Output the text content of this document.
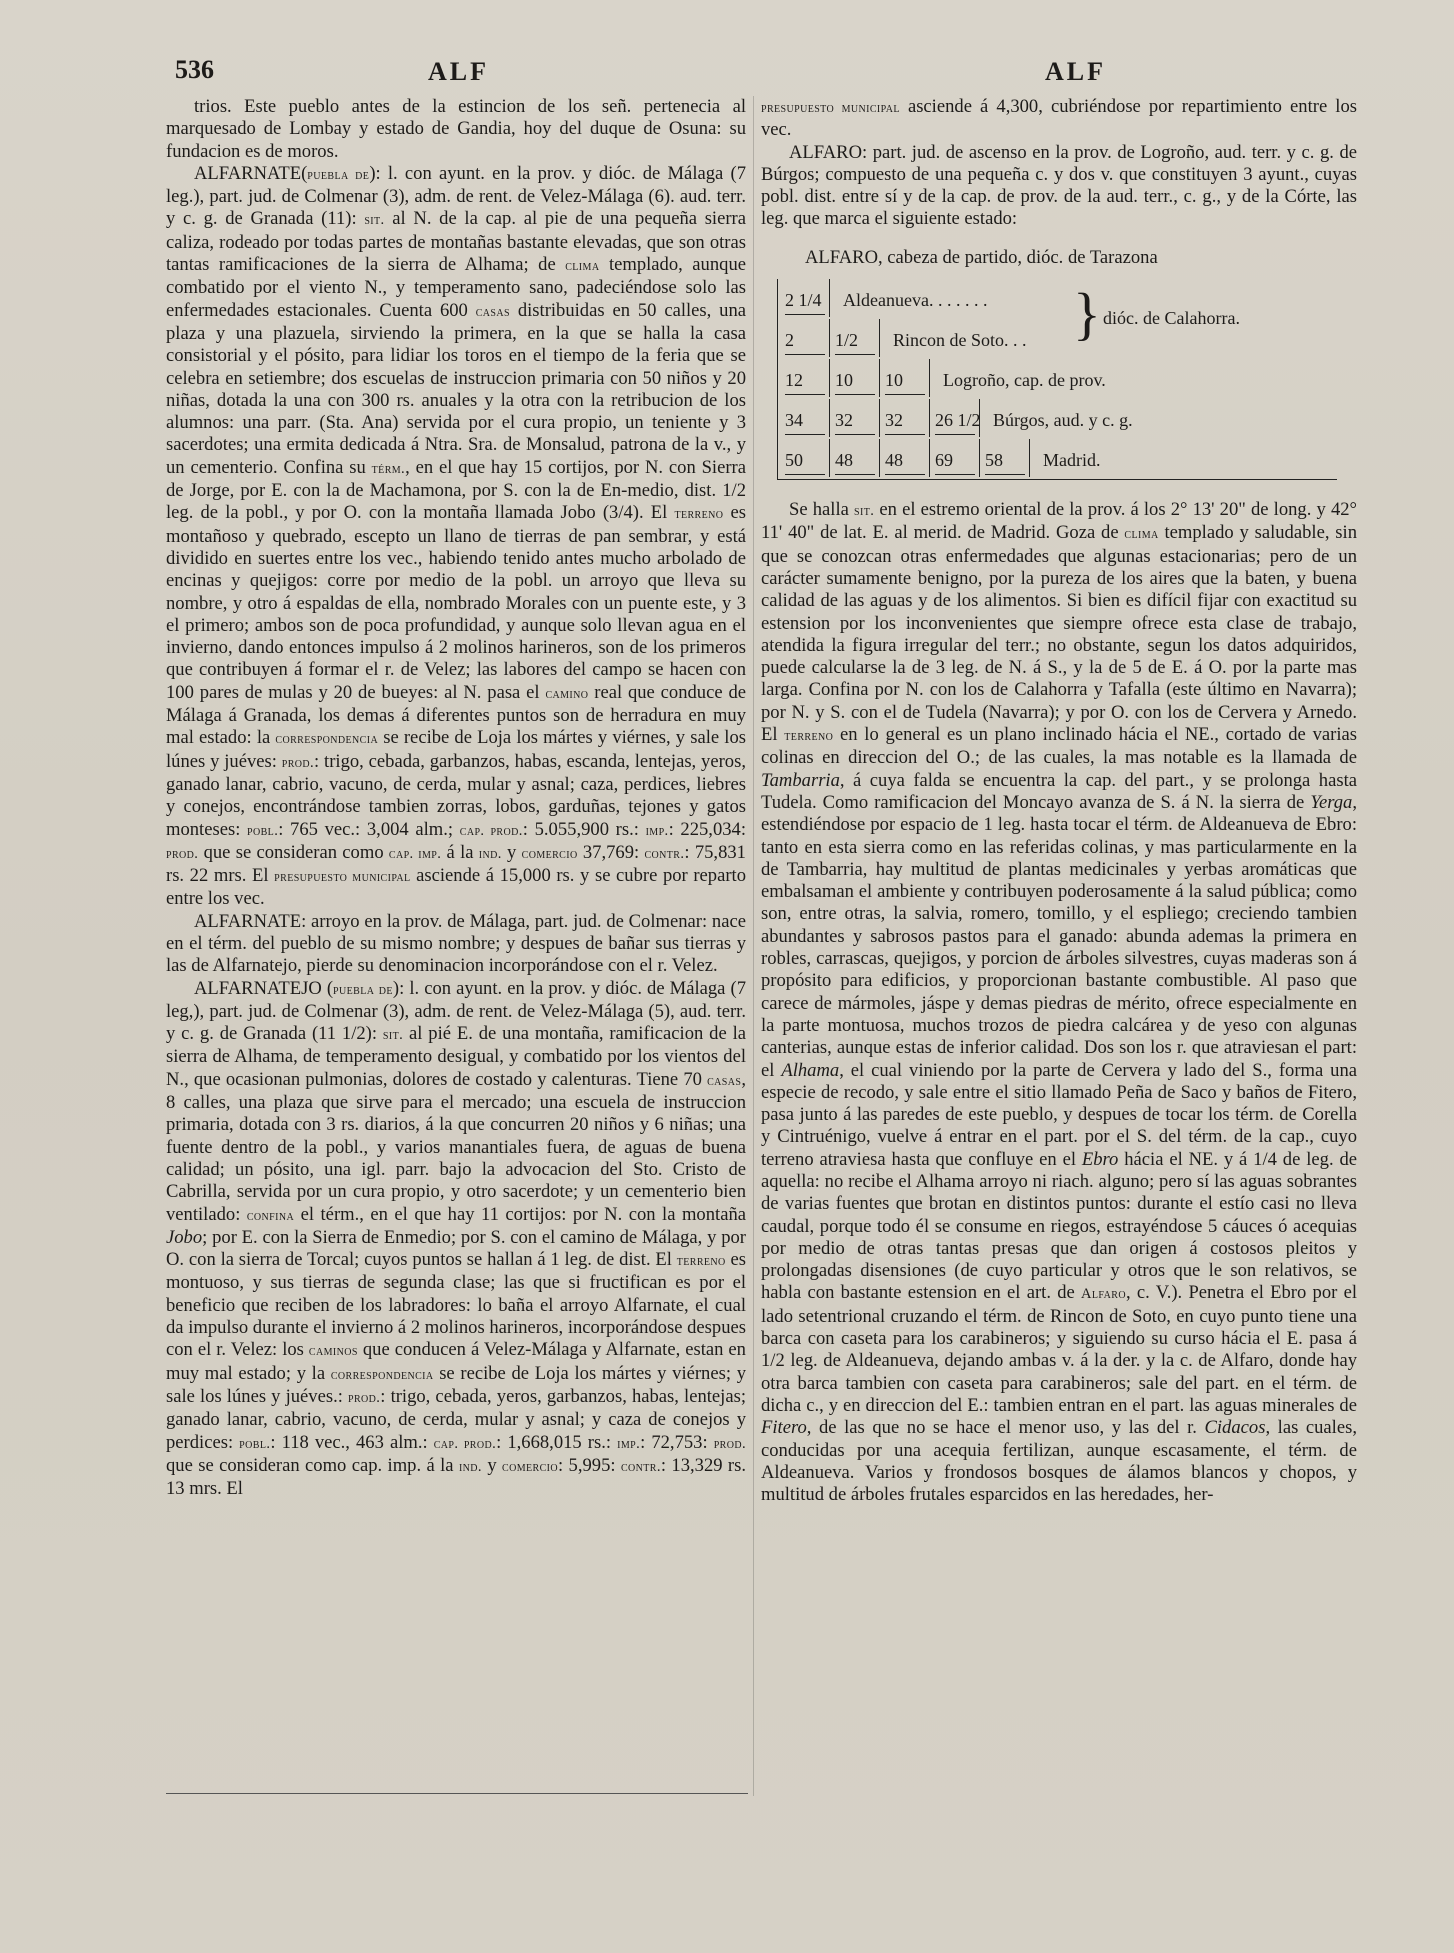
536	ALF	ALF

trios. Este pueblo antes de la estincion de los señ. pertenecia al marquesado de Lombay y estado de Gandia, hoy del duque de Osuna: su fundacion es de moros.

ALFARNATE(puebla de): l. con ayunt. en la prov. y dióc. de Málaga (7 leg.), part. jud. de Colmenar (3), adm. de rent. de Velez-Málaga (6). aud. terr. y c. g. de Granada (11): sit. al N. de la cap. al pie de una pequeña sierra caliza, rodeado por todas partes de montañas bastante elevadas, que son otras tantas ramificaciones de la sierra de Alhama; de clima templado, aunque combatido por el viento N., y temperamento sano, padeciéndose solo las enfermedades estacionales. Cuenta 600 casas distribuidas en 50 calles, una plaza y una plazuela, sirviendo la primera, en la que se halla la casa consistorial y el pósito, para lidiar los toros en el tiempo de la feria que se celebra en setiembre; dos escuelas de instruccion primaria con 50 niños y 20 niñas, dotada la una con 300 rs. anuales y la otra con la retribucion de los alumnos: una parr. (Sta. Ana) servida por el cura propio, un teniente y 3 sacerdotes; una ermita dedicada á Ntra. Sra. de Monsalud, patrona de la v., y un cementerio. Confina su térm., en el que hay 15 cortijos, por N. con Sierra de Jorge, por E. con la de Machamona, por S. con la de En-medio, dist. 1/2 leg. de la pobl., y por O. con la montaña llamada Jobo (3/4). El terreno es montañoso y quebrado, escepto un llano de tierras de pan sembrar, y está dividido en suertes entre los vec., habiendo tenido antes mucho arbolado de encinas y quejigos: corre por medio de la pobl. un arroyo que lleva su nombre, y otro á espaldas de ella, nombrado Morales con un puente este, y 3 el primero; ambos son de poca profundidad, y aunque solo llevan agua en el invierno, dando entonces impulso á 2 molinos harineros, son de los primeros que contribuyen á formar el r. de Velez; las labores del campo se hacen con 100 pares de mulas y 20 de bueyes: al N. pasa el camino real que conduce de Málaga á Granada, los demas á diferentes puntos son de herradura en muy mal estado: la correspondencia se recibe de Loja los mártes y viérnes, y sale los lúnes y juéves: prod.: trigo, cebada, garbanzos, habas, escanda, lentejas, yeros, ganado lanar, cabrio, vacuno, de cerda, mular y asnal; caza, perdices, liebres y conejos, encontrándose tambien zorras, lobos, garduñas, tejones y gatos monteses: pobl.: 765 vec.: 3,004 alm.; cap. prod.: 5.055,900 rs.: imp.: 225,034: prod. que se consideran como cap. imp. á la ind. y comercio 37,769: contr.: 75,831 rs. 22 mrs. El presupuesto municipal asciende á 15,000 rs. y se cubre por reparto entre los vec.

ALFARNATE: arroyo en la prov. de Málaga, part. jud. de Colmenar: nace en el térm. del pueblo de su mismo nombre; y despues de bañar sus tierras y las de Alfarnatejo, pierde su denominacion incorporándose con el r. Velez.

ALFARNATEJO (puebla de): l. con ayunt. en la prov. y dióc. de Málaga (7 leg,), part. jud. de Colmenar (3), adm. de rent. de Velez-Málaga (5), aud. terr. y c. g. de Granada (11 1/2): sit. al pié E. de una montaña, ramificacion de la sierra de Alhama, de temperamento desigual, y combatido por los vientos del N., que ocasionan pulmonias, dolores de costado y calenturas. Tiene 70 casas, 8 calles, una plaza que sirve para el mercado; una escuela de instruccion primaria, dotada con 3 rs. diarios, á la que concurren 20 niños y 6 niñas; una fuente dentro de la pobl., y varios manantiales fuera, de aguas de buena calidad; un pósito, una igl. parr. bajo la advocacion del Sto. Cristo de Cabrilla, servida por un cura propio, y otro sacerdote; y un cementerio bien ventilado: confina el térm., en el que hay 11 cortijos: por N. con la montaña Jobo; por E. con la Sierra de Enmedio; por S. con el camino de Málaga, y por O. con la sierra de Torcal; cuyos puntos se hallan á 1 leg. de dist. El terreno es montuoso, y sus tierras de segunda clase; las que si fructifican es por el beneficio que reciben de los labradores: lo baña el arroyo Alfarnate, el cual da impulso durante el invierno á 2 molinos harineros, incorporándose despues con el r. Velez: los caminos que conducen á Velez-Málaga y Alfarnate, estan en muy mal estado; y la correspondencia se recibe de Loja los mártes y viérnes; y sale los lúnes y juéves.: prod.: trigo, cebada, yeros, garbanzos, habas, lentejas; ganado lanar, cabrio, vacuno, de cerda, mular y asnal; y caza de conejos y perdices: pobl.: 118 vec., 463 alm.: cap. prod.: 1,668,015 rs.: imp.: 72,753: prod. que se consideran como cap. imp. á la ind. y comercio: 5,995: contr.: 13,329 rs. 13 mrs. El

presupuesto municipal asciende á 4,300, cubriéndose por repartimiento entre los vec.

ALFARO: part. jud. de ascenso en la prov. de Logroño, aud. terr. y c. g. de Búrgos; compuesto de una pequeña c. y dos v. que constituyen 3 ayunt., cuyas pobl. dist. entre sí y de la cap. de prov. de la aud. terr., c. g., y de la Córte, las leg. que marca el siguiente estado:

ALFARO, cabeza de partido, dióc. de Tarazona
2 1/4 Aldeanueva. . . . . . .
2 1/2 Rincon de Soto. . .
12 10 10 Logroño, cap. de prov.
34 32 32 26 1/2 Búrgos, aud. y c. g.
50 48 48 69 58 Madrid.
} dióc. de Calahorra.

Se halla sit. en el estremo oriental de la prov. á los 2° 13' 20" de long. y 42° 11' 40" de lat. E. al merid. de Madrid. Goza de clima templado y saludable, sin que se conozcan otras enfermedades que algunas estacionarias; pero de un carácter sumamente benigno, por la pureza de los aires que la baten, y buena calidad de las aguas y de los alimentos. Si bien es difícil fijar con exactitud su estension por los inconvenientes que siempre ofrece esta clase de trabajo, atendida la figura irregular del terr.; no obstante, segun los datos adquiridos, puede calcularse la de 3 leg. de N. á S., y la de 5 de E. á O. por la parte mas larga. Confina por N. con los de Calahorra y Tafalla (este último en Navarra); por N. y S. con el de Tudela (Navarra); y por O. con los de Cervera y Arnedo. El terreno en lo general es un plano inclinado hácia el NE., cortado de varias colinas en direccion del O.; de las cuales, la mas notable es la llamada de Tambarria, á cuya falda se encuentra la cap. del part., y se prolonga hasta Tudela. Como ramificacion del Moncayo avanza de S. á N. la sierra de Yerga, estendiéndose por espacio de 1 leg. hasta tocar el térm. de Aldeanueva de Ebro: tanto en esta sierra como en las referidas colinas, y mas particularmente en la de Tambarria, hay multitud de plantas medicinales y yerbas aromáticas que embalsaman el ambiente y contribuyen poderosamente á la salud pública; como son, entre otras, la salvia, romero, tomillo, y el espliego; creciendo tambien abundantes y sabrosos pastos para el ganado: abunda ademas la primera en robles, carrascas, quejigos, y porcion de árboles silvestres, cuyas maderas son á propósito para edificios, y proporcionan bastante combustible. Al paso que carece de mármoles, jáspe y demas piedras de mérito, ofrece especialmente en la parte montuosa, muchos trozos de piedra calcárea y de yeso con algunas canterias, aunque estas de inferior calidad. Dos son los r. que atraviesan el part: el Alhama, el cual viniendo por la parte de Cervera y lado del S., forma una especie de recodo, y sale entre el sitio llamado Peña de Saco y baños de Fitero, pasa junto á las paredes de este pueblo, y despues de tocar los térm. de Corella y Cintruénigo, vuelve á entrar en el part. por el S. del térm. de la cap., cuyo terreno atraviesa hasta que confluye en el Ebro hácia el NE. y á 1/4 de leg. de aquella: no recibe el Alhama arroyo ni riach. alguno; pero sí las aguas sobrantes de varias fuentes que brotan en distintos puntos: durante el estío casi no lleva caudal, porque todo él se consume en riegos, estrayéndose 5 cáuces ó acequias por medio de otras tantas presas que dan origen á costosos pleitos y prolongadas disensiones (de cuyo particular y otros que le son relativos, se habla con bastante estension en el art. de Alfaro, c. V.). Penetra el Ebro por el lado setentrional cruzando el térm. de Rincon de Soto, en cuyo punto tiene una barca con caseta para los carabineros; y siguiendo su curso hácia el E. pasa á 1/2 leg. de Aldeanueva, dejando ambas v. á la der. y la c. de Alfaro, donde hay otra barca tambien con caseta para carabineros; sale del part. en el térm. de dicha c., y en direccion del E.: tambien entran en el part. las aguas minerales de Fitero, de las que no se hace el menor uso, y las del r. Cidacos, las cuales, conducidas por una acequia fertilizan, aunque escasamente, el térm. de Aldeanueva. Varios y frondosos bosques de álamos blancos y chopos, y multitud de árboles frutales esparcidos en las heredades, her-
